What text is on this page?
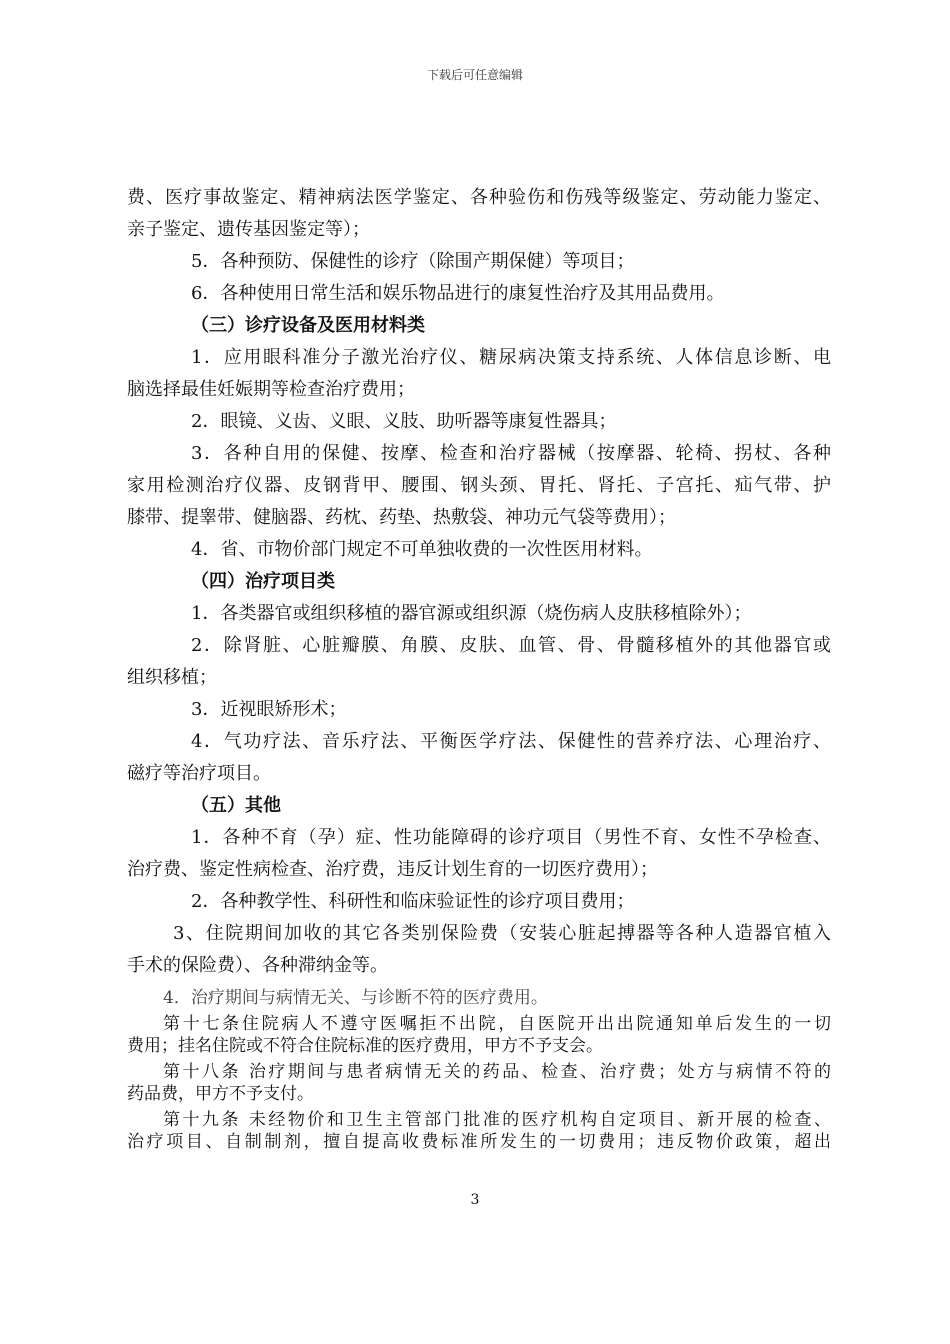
下载后可任意编辑
费、医疗事故鉴定、精神病法医学鉴定、各种验伤和伤残等级鉴定、劳动能力鉴定、
亲子鉴定、遗传基因鉴定等）；
5．各种预防、保健性的诊疗（除围产期保健）等项目；
6．各种使用日常生活和娱乐物品进行的康复性治疗及其用品费用。
（三）诊疗设备及医用材料类
1．应用眼科准分子激光治疗仪、糖尿病决策支持系统、人体信息诊断、电
脑选择最佳妊娠期等检查治疗费用；
2．眼镜、义齿、义眼、义肢、助听器等康复性器具；
3．各种自用的保健、按摩、检查和治疗器械（按摩器、轮椅、拐杖、各种
家用检测治疗仪器、皮钢背甲、腰围、钢头颈、胃托、肾托、子宫托、疝气带、护
膝带、提睾带、健脑器、药枕、药垫、热敷袋、神功元气袋等费用）；
4．省、市物价部门规定不可单独收费的一次性医用材料。
（四）治疗项目类
1．各类器官或组织移植的器官源或组织源（烧伤病人皮肤移植除外）；
2．除肾脏、心脏瓣膜、角膜、皮肤、血管、骨、骨髓移植外的其他器官或
组织移植；
3．近视眼矫形术；
4．气功疗法、音乐疗法、平衡医学疗法、保健性的营养疗法、心理治疗、
磁疗等治疗项目。
（五）其他
1．各种不育（孕）症、性功能障碍的诊疗项目（男性不育、女性不孕检查、
治疗费、鉴定性病检查、治疗费，违反计划生育的一切医疗费用）；
2．各种教学性、科研性和临床验证性的诊疗项目费用；
3、住院期间加收的其它各类别保险费（安装心脏起搏器等各种人造器官植入
手术的保险费）、各种滞纳金等。
4．治疗期间与病情无关、与诊断不符的医疗费用。
第十七条住院病人不遵守医嘱拒不出院，自医院开出出院通知单后发生的一切
费用；挂名住院或不符合住院标准的医疗费用，甲方不予支会。
第十八条 治疗期间与患者病情无关的药品、检查、治疗费；处方与病情不符的
药品费，甲方不予支付。
第十九条 未经物价和卫生主管部门批准的医疗机构自定项目、新开展的检查、
治疗项目、自制制剂，擅自提高收费标准所发生的一切费用；违反物价政策，超出
3
